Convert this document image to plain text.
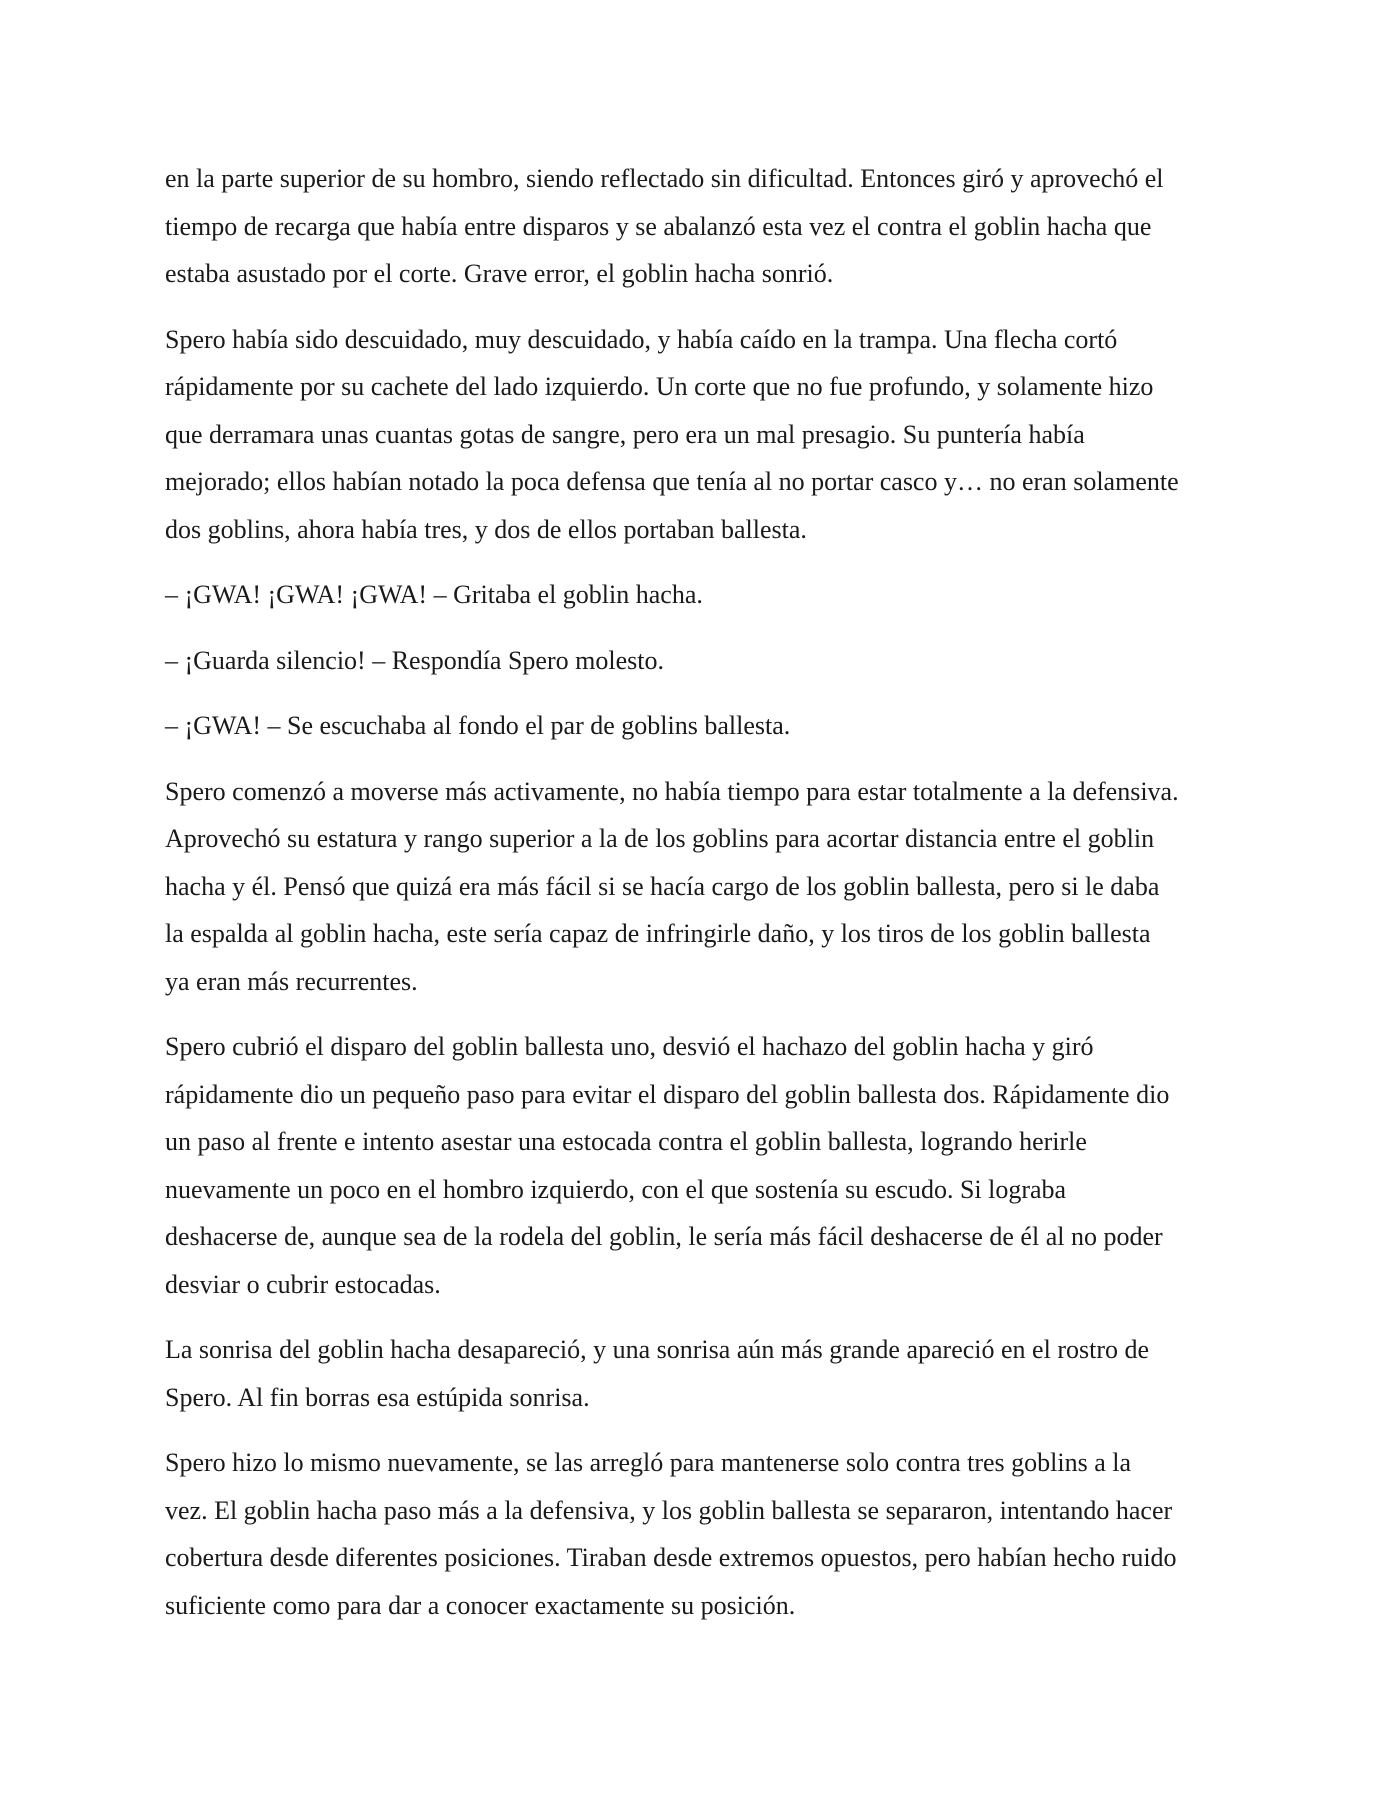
en la parte superior de su hombro, siendo reflectado sin dificultad. Entonces giró y aprovechó el
tiempo de recarga que había entre disparos y se abalanzó esta vez el contra el goblin hacha que
estaba asustado por el corte. Grave error, el goblin hacha sonrió.

Spero había sido descuidado, muy descuidado, y había caído en la trampa. Una flecha cortó
rápidamente por su cachete del lado izquierdo. Un corte que no fue profundo, y solamente hizo
que derramara unas cuantas gotas de sangre, pero era un mal presagio. Su puntería había
mejorado; ellos habían notado la poca defensa que tenía al no portar casco y… no eran solamente
dos goblins, ahora había tres, y dos de ellos portaban ballesta.

– ¡GWA! ¡GWA! ¡GWA! – Gritaba el goblin hacha.

– ¡Guarda silencio! – Respondía Spero molesto.

– ¡GWA! – Se escuchaba al fondo el par de goblins ballesta.

Spero comenzó a moverse más activamente, no había tiempo para estar totalmente a la defensiva.
Aprovechó su estatura y rango superior a la de los goblins para acortar distancia entre el goblin
hacha y él. Pensó que quizá era más fácil si se hacía cargo de los goblin ballesta, pero si le daba
la espalda al goblin hacha, este sería capaz de infringirle daño, y los tiros de los goblin ballesta
ya eran más recurrentes.

Spero cubrió el disparo del goblin ballesta uno, desvió el hachazo del goblin hacha y giró
rápidamente dio un pequeño paso para evitar el disparo del goblin ballesta dos. Rápidamente dio
un paso al frente e intento asestar una estocada contra el goblin ballesta, logrando herirle
nuevamente un poco en el hombro izquierdo, con el que sostenía su escudo. Si lograba
deshacerse de, aunque sea de la rodela del goblin, le sería más fácil deshacerse de él al no poder
desviar o cubrir estocadas.

La sonrisa del goblin hacha desapareció, y una sonrisa aún más grande apareció en el rostro de
Spero. Al fin borras esa estúpida sonrisa.

Spero hizo lo mismo nuevamente, se las arregló para mantenerse solo contra tres goblins a la
vez. El goblin hacha paso más a la defensiva, y los goblin ballesta se separaron, intentando hacer
cobertura desde diferentes posiciones. Tiraban desde extremos opuestos, pero habían hecho ruido
suficiente como para dar a conocer exactamente su posición.
